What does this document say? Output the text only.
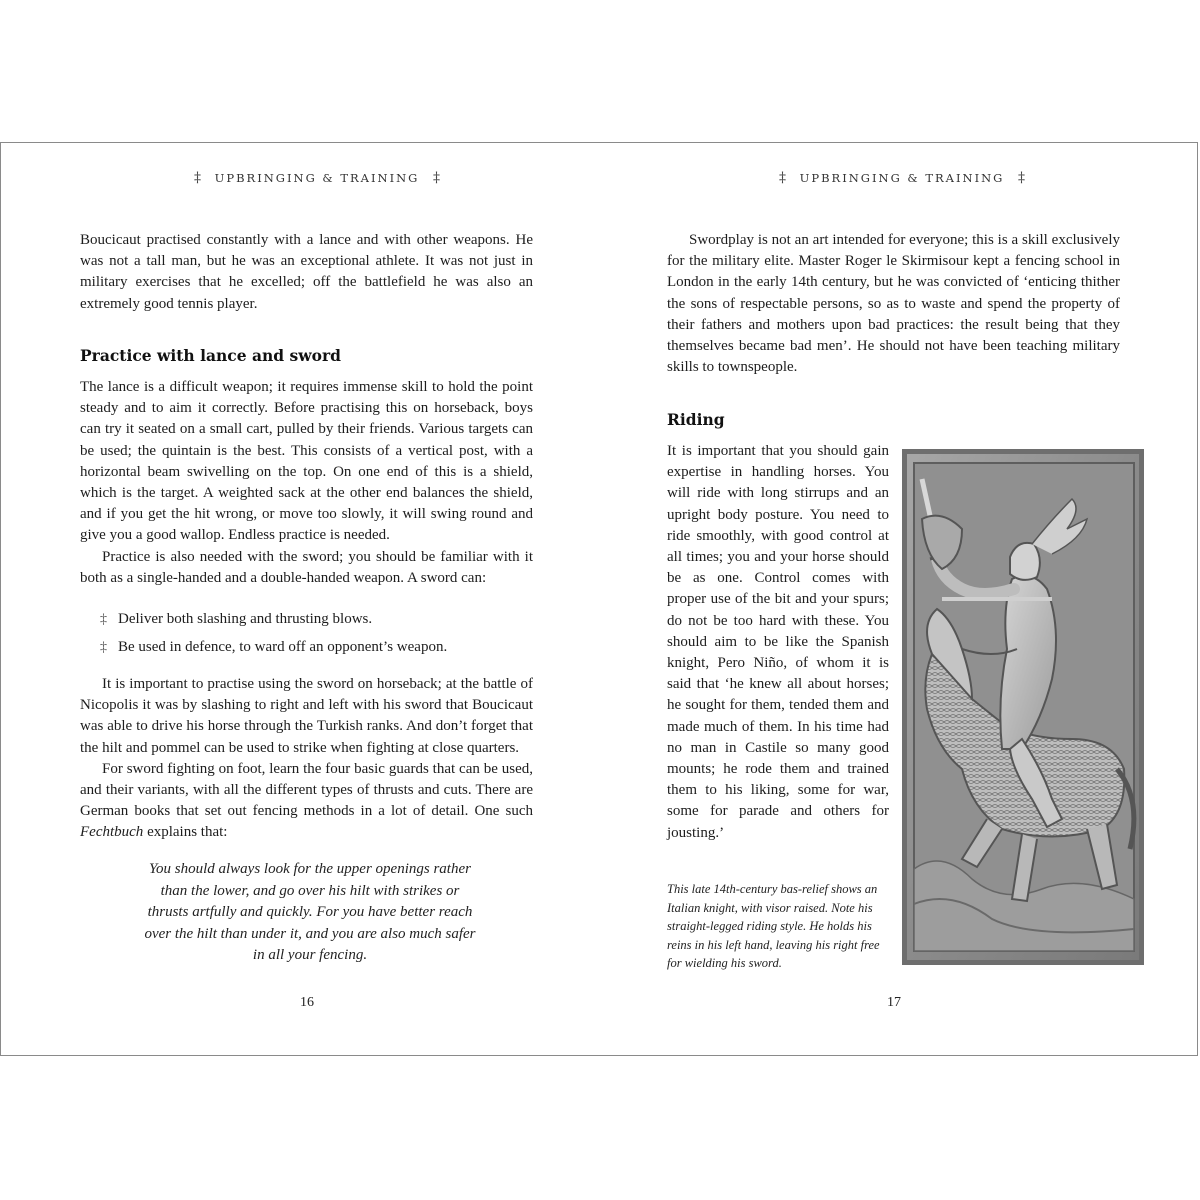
‡ UPBRINGING & TRAINING ‡	‡ UPBRINGING & TRAINING ‡

Boucicaut practised constantly with a lance and with other weapons. He was not a tall man, but he was an exceptional athlete. It was not just in military exercises that he excelled; off the battlefield he was also an extremely good tennis player.

Practice with lance and sword

The lance is a difficult weapon; it requires immense skill to hold the point steady and to aim it correctly. Before practising this on horseback, boys can try it seated on a small cart, pulled by their friends. Various targets can be used; the quintain is the best. This consists of a vertical post, with a horizontal beam swivelling on the top. On one end of this is a shield, which is the target. A weighted sack at the other end balances the shield, and if you get the hit wrong, or move too slowly, it will swing round and give you a good wallop. Endless practice is needed.

Practice is also needed with the sword; you should be familiar with it both as a single-handed and a double-handed weapon. A sword can:

‡ Deliver both slashing and thrusting blows.
‡ Be used in defence, to ward off an opponent’s weapon.

It is important to practise using the sword on horseback; at the battle of Nicopolis it was by slashing to right and left with his sword that Boucicaut was able to drive his horse through the Turkish ranks. And don’t forget that the hilt and pommel can be used to strike when fighting at close quarters.

For sword fighting on foot, learn the four basic guards that can be used, and their variants, with all the different types of thrusts and cuts. There are German books that set out fencing methods in a lot of detail. One such Fechtbuch explains that:

You should always look for the upper openings rather than the lower, and go over his hilt with strikes or thrusts artfully and quickly. For you have better reach over the hilt than under it, and you are also much safer in all your fencing.
16

Swordplay is not an art intended for everyone; this is a skill exclusively for the military elite. Master Roger le Skirmisour kept a fencing school in London in the early 14th century, but he was convicted of ‘enticing thither the sons of respectable persons, so as to waste and spend the property of their fathers and mothers upon bad practices: the result being that they themselves became bad men’. He should not have been teaching military skills to townspeople.

Riding

It is important that you should gain expertise in handling horses. You will ride with long stirrups and an upright body posture. You need to ride smoothly, with good control at all times; you and your horse should be as one. Control comes with proper use of the bit and your spurs; do not be too hard with these. You should aim to be like the Spanish knight, Pero Niño, of whom it is said that ‘he knew all about horses; he sought for them, tended them and made much of them. In his time had no man in Castile so many good mounts; he rode them and trained them to his liking, some for war, some for parade and others for jousting.’

This late 14th-century bas-relief shows an Italian knight, with visor raised. Note his straight-legged riding style. He holds his reins in his left hand, leaving his right free for wielding his sword.
17
